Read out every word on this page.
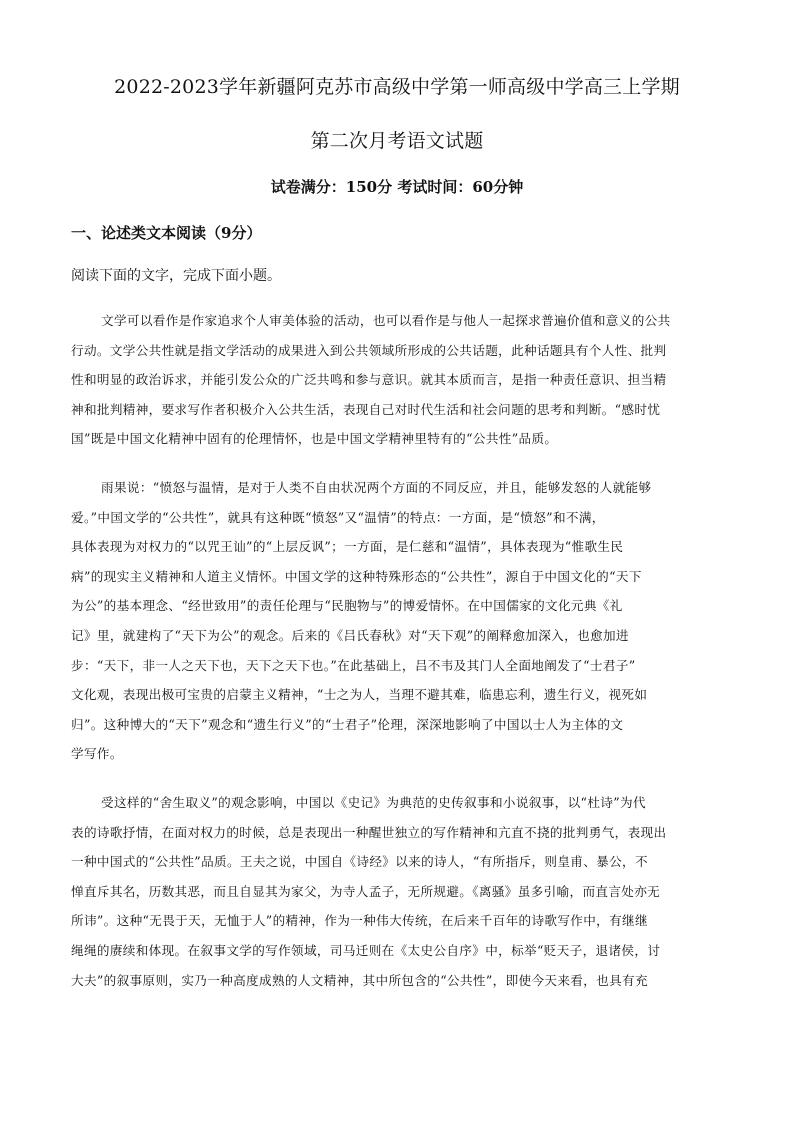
2022-2023学年新疆阿克苏市高级中学第一师高级中学高三上学期
第二次月考语文试题
试卷满分：150分 考试时间：60分钟
一、论述类文本阅读（9分）
阅读下面的文字，完成下面小题。
文学可以看作是作家追求个人审美体验的活动，也可以看作是与他人一起探求普遍价值和意义的公共
行动。文学公共性就是指文学活动的成果进入到公共领域所形成的公共话题，此种话题具有个人性、批判
性和明显的政治诉求，并能引发公众的广泛共鸣和参与意识。就其本质而言，是指一种责任意识、担当精
神和批判精神，要求写作者积极介入公共生活，表现自己对时代生活和社会问题的思考和判断。“感时忧
国”既是中国文化精神中固有的伦理情怀，也是中国文学精神里特有的“公共性”品质。
雨果说：“愤怒与温情，是对于人类不自由状况两个方面的不同反应，并且，能够发怒的人就能够
爱。”中国文学的“公共性”，就具有这种既“愤怒”又“温情”的特点：一方面，是“愤怒”和不满，
具体表现为对权力的“以咒王讪”的“上层反讽”；一方面，是仁慈和“温情”，具体表现为“惟歌生民
病”的现实主义精神和人道主义情怀。中国文学的这种特殊形态的“公共性”，源自于中国文化的“天下
为公”的基本理念、“经世致用”的责任伦理与“民胞物与”的博爱情怀。在中国儒家的文化元典《礼
记》里，就建构了“天下为公”的观念。后来的《吕氏春秋》对“天下观”的阐释愈加深入，也愈加进
步：“天下，非一人之天下也，天下之天下也。”在此基础上，吕不韦及其门人全面地阐发了“士君子”
文化观，表现出极可宝贵的启蒙主义精神，“士之为人，当理不避其难，临患忘利，遗生行义，视死如
归”。这种博大的“天下”观念和“遗生行义”的“士君子”伦理，深深地影响了中国以士人为主体的文
学写作。
受这样的“舍生取义”的观念影响，中国以《史记》为典范的史传叙事和小说叙事，以“杜诗”为代
表的诗歌抒情，在面对权力的时候，总是表现出一种醒世独立的写作精神和亢直不挠的批判勇气，表现出
一种中国式的“公共性”品质。王夫之说，中国自《诗经》以来的诗人，“有所指斥，则皇甫、暴公，不
惮直斥其名，历数其恶，而且自显其为家父，为寺人孟子，无所规避。《离骚》虽多引喻，而直言处亦无
所讳”。这种“无畏于天，无恤于人”的精神，作为一种伟大传统，在后来千百年的诗歌写作中，有继继
绳绳的赓续和体现。在叙事文学的写作领域，司马迁则在《太史公自序》中，标举“贬天子，退诸侯，讨
大夫”的叙事原则，实乃一种高度成熟的人文精神，其中所包含的“公共性”，即使今天来看，也具有充
